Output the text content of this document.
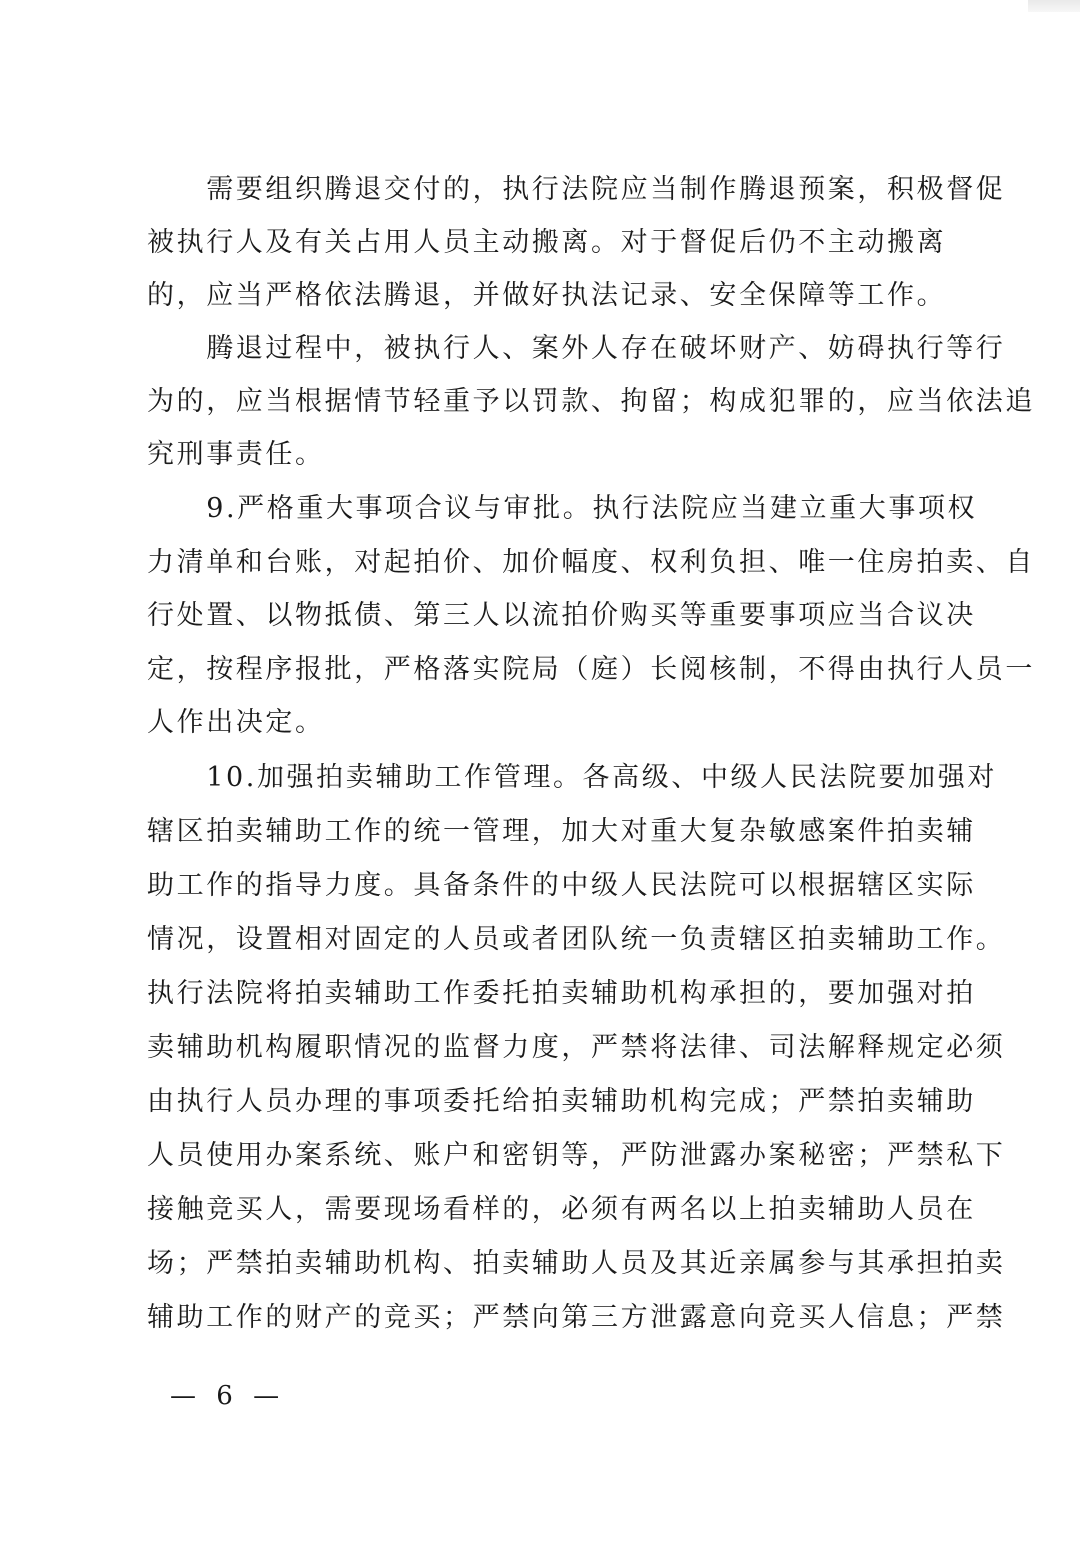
　　需要组织腾退交付的，执行法院应当制作腾退预案，积极督促
被执行人及有关占用人员主动搬离。对于督促后仍不主动搬离
的，应当严格依法腾退，并做好执法记录、安全保障等工作。
　　腾退过程中，被执行人、案外人存在破坏财产、妨碍执行等行
为的，应当根据情节轻重予以罚款、拘留；构成犯罪的，应当依法追
究刑事责任。
　　9.严格重大事项合议与审批。执行法院应当建立重大事项权
力清单和台账，对起拍价、加价幅度、权利负担、唯一住房拍卖、自
行处置、以物抵债、第三人以流拍价购买等重要事项应当合议决
定，按程序报批，严格落实院局（庭）长阅核制，不得由执行人员一
人作出决定。
　　10.加强拍卖辅助工作管理。各高级、中级人民法院要加强对
辖区拍卖辅助工作的统一管理，加大对重大复杂敏感案件拍卖辅
助工作的指导力度。具备条件的中级人民法院可以根据辖区实际
情况，设置相对固定的人员或者团队统一负责辖区拍卖辅助工作。
执行法院将拍卖辅助工作委托拍卖辅助机构承担的，要加强对拍
卖辅助机构履职情况的监督力度，严禁将法律、司法解释规定必须
由执行人员办理的事项委托给拍卖辅助机构完成；严禁拍卖辅助
人员使用办案系统、账户和密钥等，严防泄露办案秘密；严禁私下
接触竞买人，需要现场看样的，必须有两名以上拍卖辅助人员在
场；严禁拍卖辅助机构、拍卖辅助人员及其近亲属参与其承担拍卖
辅助工作的财产的竞买；严禁向第三方泄露意向竞买人信息；严禁
— 6 —
